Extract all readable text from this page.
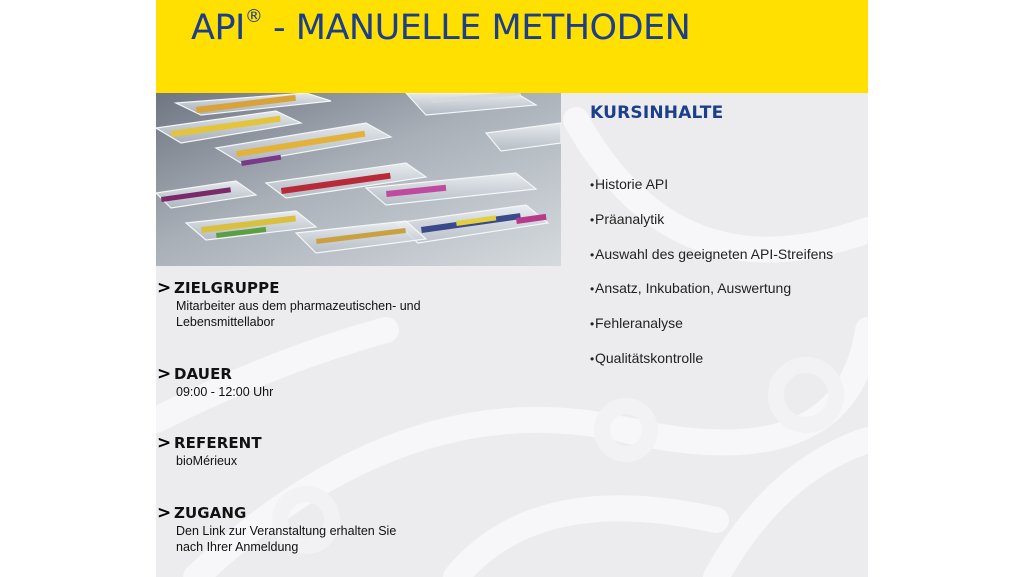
API® - MANUELLE METHODEN
> ZIELGRUPPE
Mitarbeiter aus dem pharmazeutischen- und
Lebensmittellabor
> DAUER
09:00 - 12:00 Uhr
> REFERENT
bioMérieux
> ZUGANG
Den Link zur Veranstaltung erhalten Sie
nach Ihrer Anmeldung
KURSINHALTE
•Historie API
•Präanalytik
•Auswahl des geeigneten API-Streifens
•Ansatz, Inkubation, Auswertung
•Fehleranalyse
•Qualitätskontrolle
